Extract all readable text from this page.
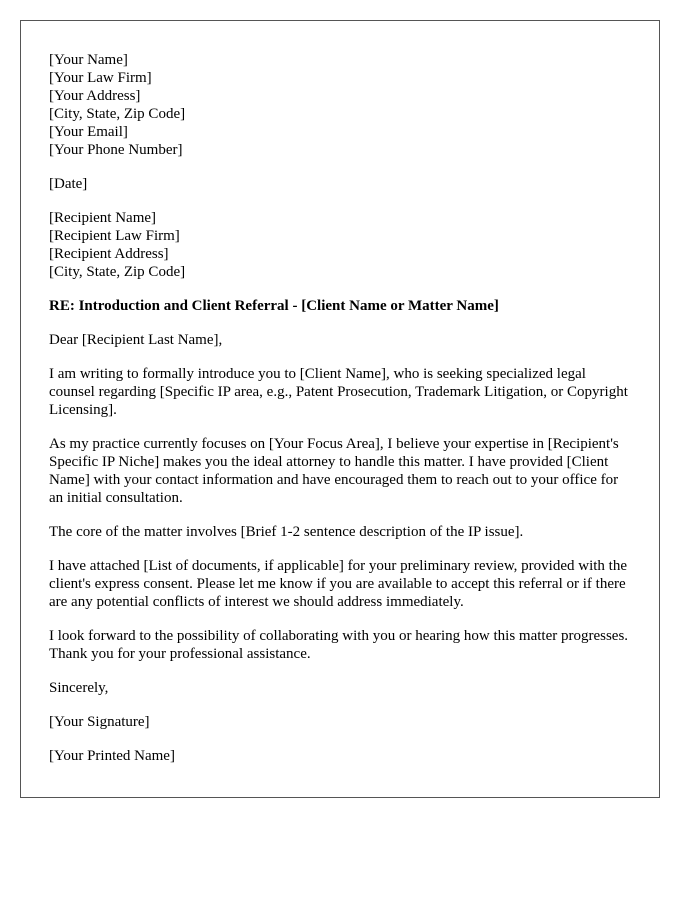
[Your Name]
[Your Law Firm]
[Your Address]
[City, State, Zip Code]
[Your Email]
[Your Phone Number]
[Date]
[Recipient Name]
[Recipient Law Firm]
[Recipient Address]
[City, State, Zip Code]
RE: Introduction and Client Referral - [Client Name or Matter Name]
Dear [Recipient Last Name],
I am writing to formally introduce you to [Client Name], who is seeking specialized legal counsel regarding [Specific IP area, e.g., Patent Prosecution, Trademark Litigation, or Copyright Licensing].
As my practice currently focuses on [Your Focus Area], I believe your expertise in [Recipient's Specific IP Niche] makes you the ideal attorney to handle this matter. I have provided [Client Name] with your contact information and have encouraged them to reach out to your office for an initial consultation.
The core of the matter involves [Brief 1-2 sentence description of the IP issue].
I have attached [List of documents, if applicable] for your preliminary review, provided with the client's express consent. Please let me know if you are available to accept this referral or if there are any potential conflicts of interest we should address immediately.
I look forward to the possibility of collaborating with you or hearing how this matter progresses. Thank you for your professional assistance.
Sincerely,
[Your Signature]
[Your Printed Name]
